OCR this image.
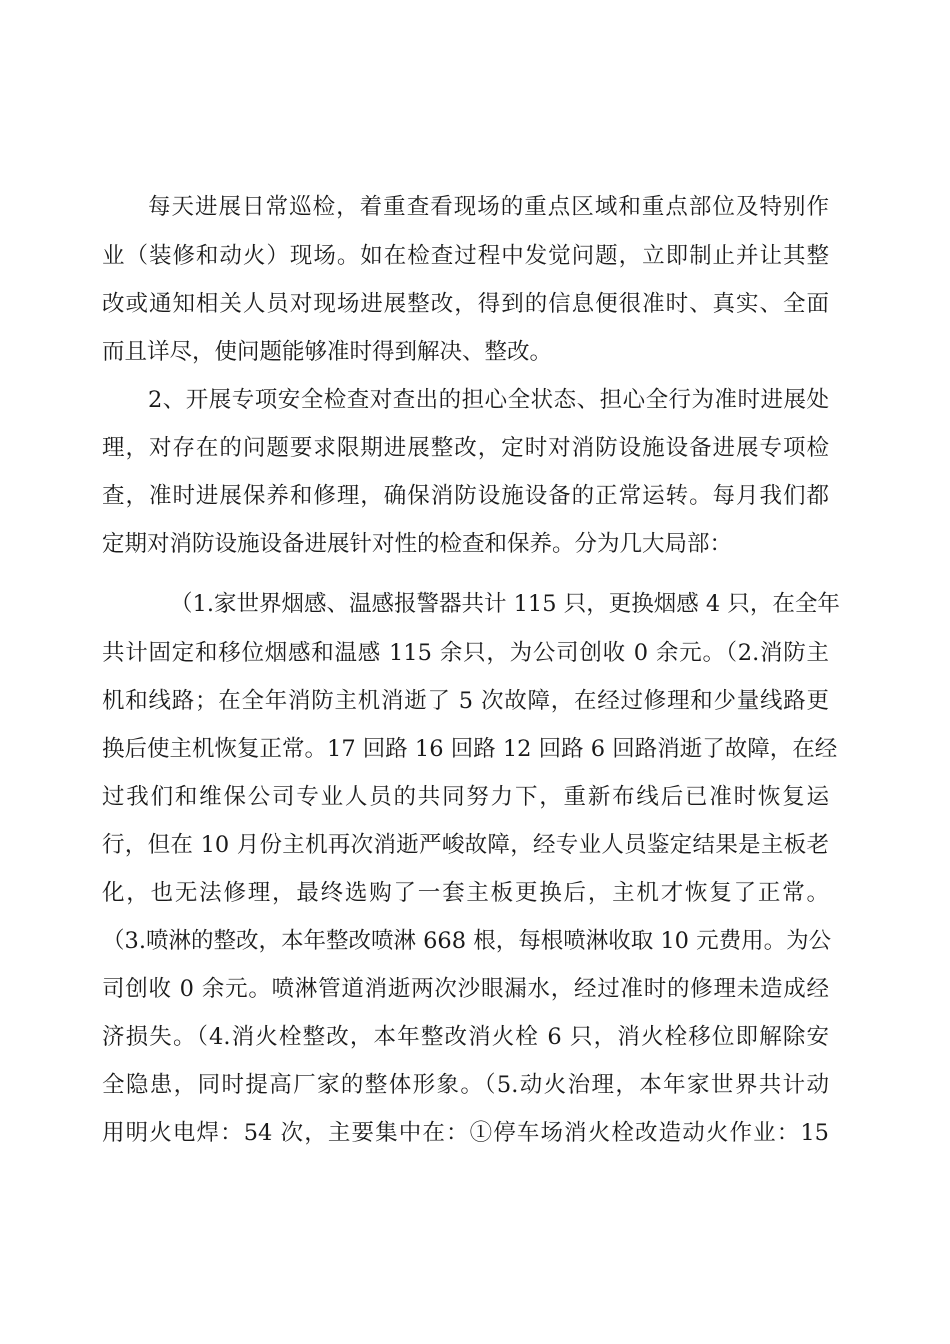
每天进展日常巡检，着重查看现场的重点区域和重点部位及特别作
业（装修和动火）现场。如在检查过程中发觉问题，立即制止并让其整
改或通知相关人员对现场进展整改，得到的信息便很准时、真实、全面
而且详尽，使问题能够准时得到解决、整改。
2、开展专项安全检查对查出的担心全状态、担心全行为准时进展处
理，对存在的问题要求限期进展整改，定时对消防设施设备进展专项检
查，准时进展保养和修理，确保消防设施设备的正常运转。每月我们都
定期对消防设施设备进展针对性的检查和保养。分为几大局部：
（1.家世界烟感、温感报警器共计 115 只，更换烟感 4 只，在全年
共计固定和移位烟感和温感 115 余只，为公司创收 0 余元。（2.消防主
机和线路；在全年消防主机消逝了 5 次故障，在经过修理和少量线路更
换后使主机恢复正常。17 回路 16 回路 12 回路 6 回路消逝了故障，在经
过我们和维保公司专业人员的共同努力下，重新布线后已准时恢复运
行，但在 10 月份主机再次消逝严峻故障，经专业人员鉴定结果是主板老
化，也无法修理，最终选购了一套主板更换后，主机才恢复了正常。
（3.喷淋的整改，本年整改喷淋 668 根，每根喷淋收取 10 元费用。为公
司创收 0 余元。喷淋管道消逝两次沙眼漏水，经过准时的修理未造成经
济损失。（4.消火栓整改，本年整改消火栓 6 只，消火栓移位即解除安
全隐患，同时提高厂家的整体形象。（5.动火治理，本年家世界共计动
用明火电焊：54 次，主要集中在：①停车场消火栓改造动火作业：15
